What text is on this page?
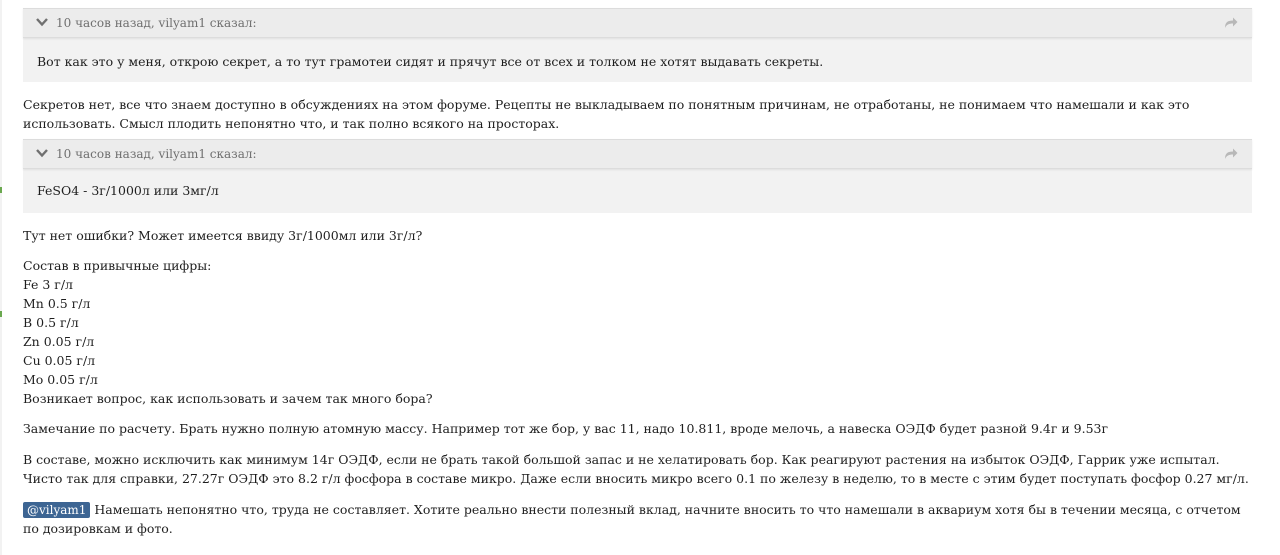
10 часов назад, vilyam1 сказал:
Вот как это у меня, открою секрет, а то тут грамотеи сидят и прячут все от всех и толком не хотят выдавать секреты.

Секретов нет, все что знаем доступно в обсуждениях на этом форуме. Рецепты не выкладываем по понятным причинам, не отработаны, не понимаем что намешали и как это использовать. Смысл плодить непонятно что, и так полно всякого на просторах.

10 часов назад, vilyam1 сказал:
FeSO4 - 3г/1000л или 3мг/л

Тут нет ошибки? Может имеется ввиду 3г/1000мл или 3г/л?

Состав в привычные цифры:
Fe 3 г/л
Mn 0.5 г/л
B 0.5 г/л
Zn 0.05 г/л
Cu 0.05 г/л
Mo 0.05 г/л
Возникает вопрос, как использовать и зачем так много бора?

Замечание по расчету. Брать нужно полную атомную массу. Например тот же бор, у вас 11, надо 10.811, вроде мелочь, а навеска ОЭДФ будет разной 9.4г и 9.53г

В составе, можно исключить как минимум 14г ОЭДФ, если не брать такой большой запас и не хелатировать бор. Как реагируют растения на избыток ОЭДФ, Гаррик уже испытал.
Чисто так для справки, 27.27г ОЭДФ это 8.2 г/л фосфора в составе микро. Даже если вносить микро всего 0.1 по железу в неделю, то в месте с этим будет поступать фосфор 0.27 мг/л.

@vilyam1 Намешать непонятно что, труда не составляет. Хотите реально внести полезный вклад, начните вносить то что намешали в аквариум хотя бы в течении месяца, с отчетом по дозировкам и фото.
